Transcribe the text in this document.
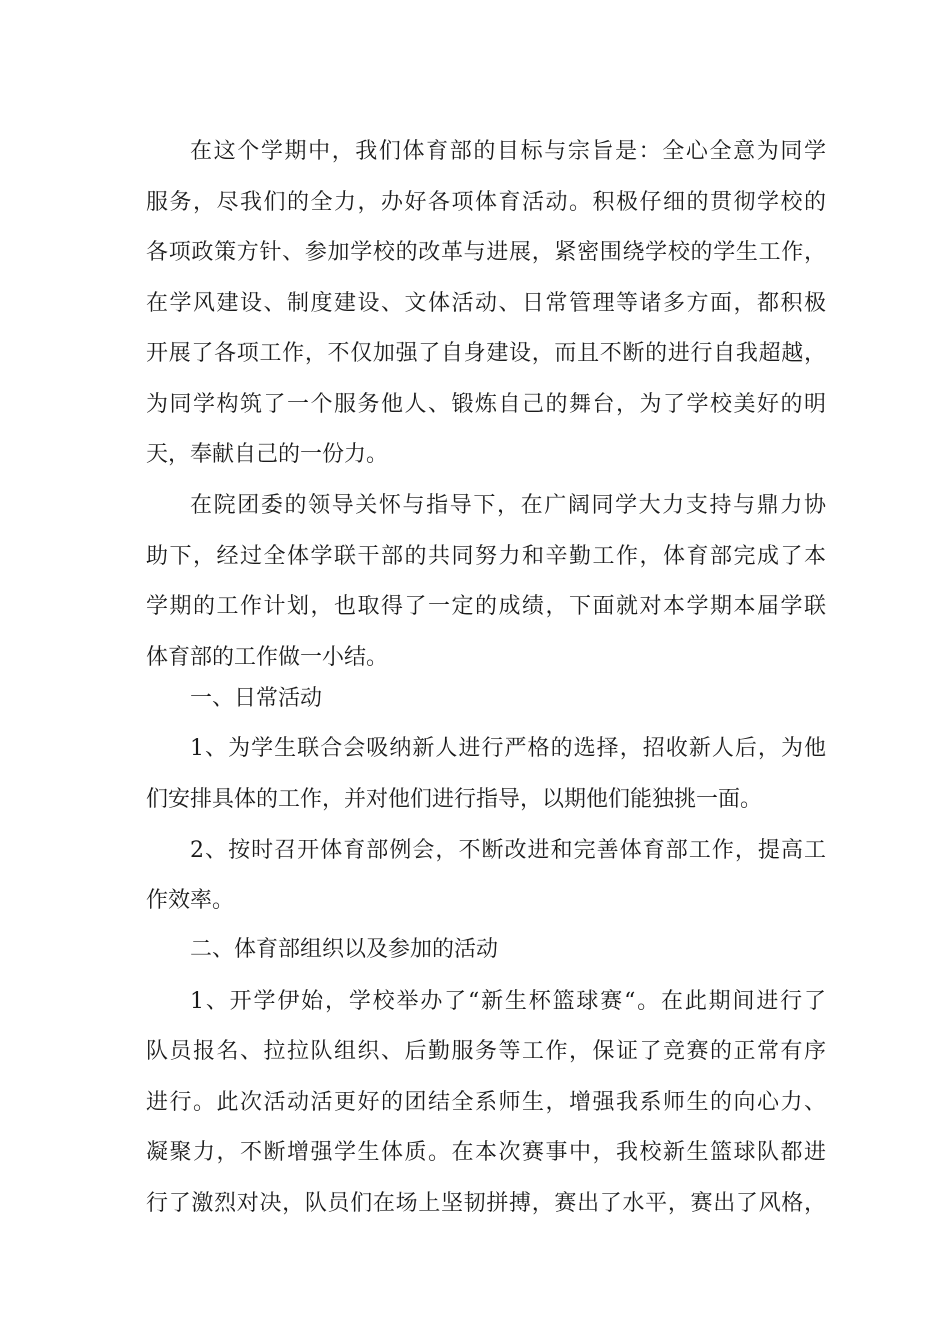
在这个学期中，我们体育部的目标与宗旨是：全心全意为同学
服务，尽我们的全力，办好各项体育活动。积极仔细的贯彻学校的
各项政策方针、参加学校的改革与进展，紧密围绕学校的学生工作，
在学风建设、制度建设、文体活动、日常管理等诸多方面，都积极
开展了各项工作，不仅加强了自身建设，而且不断的进行自我超越，
为同学构筑了一个服务他人、锻炼自己的舞台，为了学校美好的明
天，奉献自己的一份力。
在院团委的领导关怀与指导下，在广阔同学大力支持与鼎力协
助下，经过全体学联干部的共同努力和辛勤工作，体育部完成了本
学期的工作计划，也取得了一定的成绩，下面就对本学期本届学联
体育部的工作做一小结。
一、日常活动
1、为学生联合会吸纳新人进行严格的选择，招收新人后，为他
们安排具体的工作，并对他们进行指导，以期他们能独挑一面。
2、按时召开体育部例会，不断改进和完善体育部工作，提高工
作效率。
二、体育部组织以及参加的活动
1、开学伊始，学校举办了“新生杯篮球赛“。在此期间进行了
队员报名、拉拉队组织、后勤服务等工作，保证了竞赛的正常有序
进行。此次活动活更好的团结全系师生，增强我系师生的向心力、
凝聚力，不断增强学生体质。在本次赛事中，我校新生篮球队都进
行了激烈对决，队员们在场上坚韧拼搏，赛出了水平，赛出了风格，
